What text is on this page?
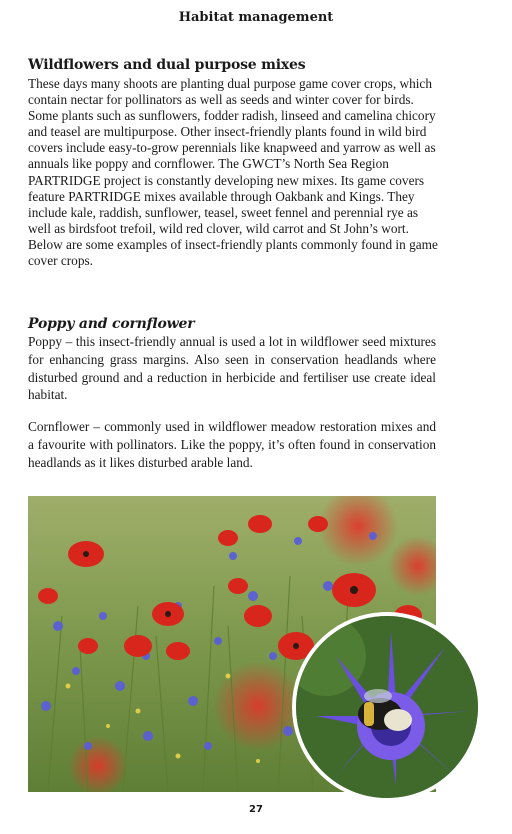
Habitat management
Wildflowers and dual purpose mixes

These days many shoots are planting dual purpose game cover crops, which contain nectar for pollinators as well as seeds and winter cover for birds. Some plants such as sunflowers, fodder radish, linseed and camelina chicory and teasel are multipurpose. Other insect-friendly plants found in wild bird covers include easy-to-grow perennials like knapweed and yarrow as well as annuals like poppy and cornflower. The GWCT’s North Sea Region PARTRIDGE project is constantly developing new mixes. Its game covers feature PARTRIDGE mixes available through Oakbank and Kings. They include kale, raddish, sunflower, teasel, sweet fennel and perennial rye as well as birdsfoot trefoil, wild red clover, wild carrot and St John’s wort. Below are some examples of insect-friendly plants commonly found in game cover crops.

Poppy and cornflower

Poppy – this insect-friendly annual is used a lot in wildflower seed mixtures for enhancing grass margins. Also seen in conservation headlands where disturbed ground and a reduction in herbicide and fertiliser use create ideal habitat.

Cornflower – commonly used in wildflower meadow restoration mixes and a favourite with pollinators. Like the poppy, it’s often found in conservation headlands as it likes disturbed arable land.

27
